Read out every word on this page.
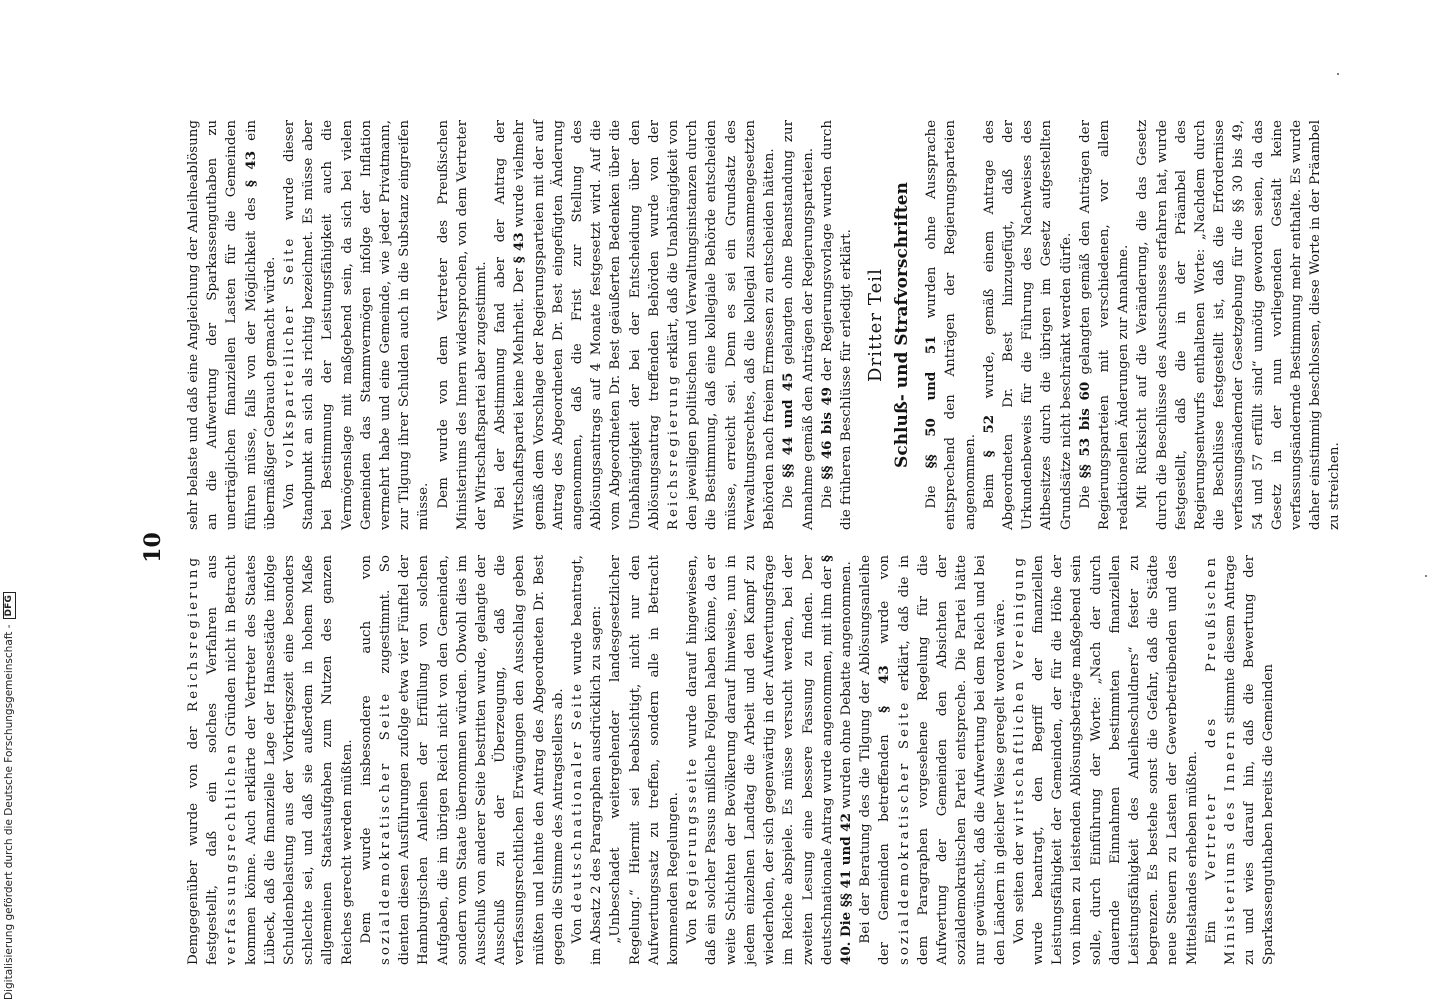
10

Demgegenüber wurde von der Reichsregierung festgestellt, daß ein solches Verfahren aus verfassungsrechtlichen Gründen nicht in Betracht kommen könne. Auch erklärte der Vertreter des Staates Lübeck, daß die finanzielle Lage der Hansestädte infolge Schuldenbelastung aus der Vorkriegszeit eine besonders schlechte sei, und daß sie außerdem in hohem Maße allgemeinen Staatsaufgaben zum Nutzen des ganzen Reiches gerecht werden müßten. Dem wurde insbesondere auch von sozialdemokratischer Seite zugestimmt. So dienten diesen Ausführungen zufolge etwa vier Fünftel der Hamburgischen Anleihen der Erfüllung von solchen Aufgaben, die im übrigen Reich nicht von den Gemeinden, sondern vom Staate übernommen würden. Obwohl dies im Ausschuß von anderer Seite bestritten wurde, gelangte der Ausschuß zu der Überzeugung, daß die verfassungsrechtlichen Erwägungen den Ausschlag geben müßten und lehnte den Antrag des Abgeordneten Dr. Best gegen die Stimme des Antragstellers ab. Von deutschnationaler Seite wurde beantragt, im Absatz 2 des Paragraphen ausdrücklich zu sagen: „Unbeschadet weitergehender landesgesetzlicher Regelung.“ Hiermit sei beabsichtigt, nicht nur den Aufwertungssatz zu treffen, sondern alle in Betracht kommenden Regelungen. Von Regierungsseite wurde darauf hingewiesen, daß ein solcher Passus mißliche Folgen haben könne, da er weite Schichten der Bevölkerung darauf hinweise, nun in jedem einzelnen Landtag die Arbeit und den Kampf zu wiederholen, der sich gegenwärtig in der Aufwertungsfrage im Reiche abspiele. Es müsse versucht werden, bei der zweiten Lesung eine bessere Fassung zu finden. Der deutschnationale Antrag wurde angenommen, mit ihm der § 40. Die §§ 41 und 42 wurden ohne Debatte angenommen. Bei der Beratung des die Tilgung der Ablösungsanleihe der Gemeinden betreffenden § 43 wurde von sozialdemokratischer Seite erklärt, daß die in dem Paragraphen vorgesehene Regelung für die Aufwertung der Gemeinden den Absichten der sozialdemokratischen Partei entspreche. Die Partei hätte nur gewünscht, daß die Aufwertung bei dem Reich und bei den Ländern in gleicher Weise geregelt worden wäre. Von seiten der wirtschaftlichen Vereinigung wurde beantragt, den Begriff der finanziellen Leistungsfähigkeit der Gemeinden, der für die Höhe der von ihnen zu leistenden Ablösungsbeträge maßgebend sein solle, durch Einführung der Worte: „Nach der durch dauernde Einnahmen bestimmten finanziellen Leistungsfähigkeit des Anleiheschuldners“ fester zu begrenzen. Es bestehe sonst die Gefahr, daß die Städte neue Steuern zu Lasten der Gewerbetreibenden und des Mittelstandes erheben müßten. Ein Vertreter des Preußischen Ministeriums des Innern stimmte diesem Antrage zu und wies darauf hin, daß die Bewertung der Sparkassenguthaben bereits die Gemeinden

sehr belaste und daß eine Angleichung der Anleiheablösung an die Aufwertung der Sparkassenguthaben zu unerträglichen finanziellen Lasten für die Gemeinden führen müsse, falls von der Möglichkeit des § 43 ein übermäßiger Gebrauch gemacht würde. Von volksparteilicher Seite wurde dieser Standpunkt an sich als richtig bezeichnet. Es müsse aber bei Bestimmung der Leistungsfähigkeit auch die Vermögenslage mit maßgebend sein, da sich bei vielen Gemeinden das Stammvermögen infolge der Inflation vermehrt habe und eine Gemeinde, wie jeder Privatmann, zur Tilgung ihrer Schulden auch in die Substanz eingreifen müsse. Dem wurde von dem Vertreter des Preußischen Ministeriums des Innern widersprochen, von dem Vertreter der Wirtschaftspartei aber zugestimmt. Bei der Abstimmung fand aber der Antrag der Wirtschaftspartei keine Mehrheit. Der § 43 wurde vielmehr gemäß dem Vorschlage der Regierungsparteien mit der auf Antrag des Abgeordneten Dr. Best eingefügten Änderung angenommen, daß die Frist zur Stellung des Ablösungsantrags auf 4 Monate festgesetzt wird. Auf die vom Abgeordneten Dr. Best geäußerten Bedenken über die Unabhängigkeit der bei der Entscheidung über den Ablösungsantrag treffenden Behörden wurde von der Reichsregierung erklärt, daß die Unabhängigkeit von den jeweiligen politischen und Verwaltungsinstanzen durch die Bestimmung, daß eine kollegiale Behörde entscheiden müsse, erreicht sei. Denn es sei ein Grundsatz des Verwaltungsrechtes, daß die kollegial zusammengesetzten Behörden nach freiem Ermessen zu entscheiden hätten. Die §§ 44 und 45 gelangten ohne Beanstandung zur Annahme gemäß den Anträgen der Regierungsparteien. Die §§ 46 bis 49 der Regierungsvorlage wurden durch die früheren Beschlüsse für erledigt erklärt. Dritter Teil Schluß- und Strafvorschriften

Die §§ 50 und 51 wurden ohne Aussprache entsprechend den Anträgen der Regierungsparteien angenommen. Beim § 52 wurde, gemäß einem Antrage des Abgeordneten Dr. Best hinzugefügt, daß der Urkundenbeweis für die Führung des Nachweises des Altbesitzes durch die übrigen im Gesetz aufgestellten Grundsätze nicht beschränkt werden dürfe. Die §§ 53 bis 60 gelangten gemäß den Anträgen der Regierungsparteien mit verschiedenen, vor allem redaktionellen Änderungen zur Annahme. Mit Rücksicht auf die Veränderung, die das Gesetz durch die Beschlüsse des Ausschusses erfahren hat, wurde festgestellt, daß die in der Präambel des Regierungsentwurfs enthaltenen Worte: „Nachdem durch die Beschlüsse festgestellt ist, daß die Erfordernisse verfassungsändernder Gesetzgebung für die §§ 30 bis 49, 54 und 57 erfüllt sind“ unnötig geworden seien, da das Gesetz in der nun vorliegenden Gestalt keine verfassungsändernde Bestimmung mehr enthalte. Es wurde daher einstimmig beschlossen, diese Worte in der Präambel zu streichen.

Digitalisierung gefördert durch die Deutsche Forschungsgemeinschaft -
DFG
